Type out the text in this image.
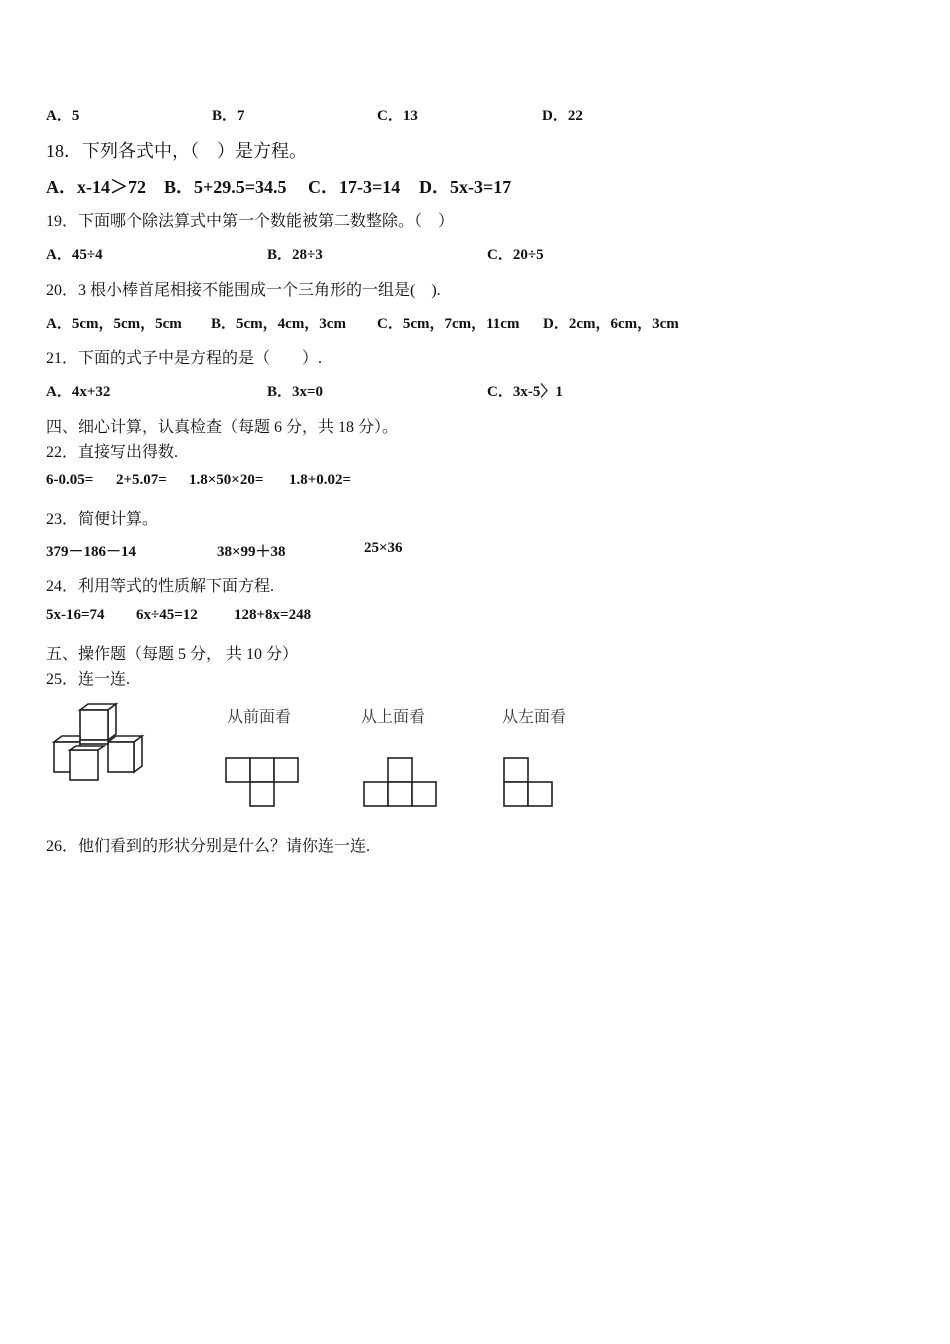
A．5	B．7	C．13	D．22
18．下列各式中，（　）是方程。
A．x-14＞72 B．5+29.5=34.5 C．17-3=14 D．5x-3=17
19．下面哪个除法算式中第一个数能被第二数整除。（　）
A．45÷4	B．28÷3	C．20÷5
20．3 根小棒首尾相接不能围成一个三角形的一组是(　).
A．5cm，5cm，5cm B．5cm，4cm，3cm C．5cm，7cm，11cm D．2cm，6cm，3cm
21．下面的式子中是方程的是（　　）.
A．4x+32	B．3x=0	C．3x-5〉1
四、细心计算，认真检查（每题 6 分，共 18 分）。
22．直接写出得数.
6-0.05= 2+5.07= 1.8×50×20= 1.8+0.02=
23．简便计算。
379－186－14	38×99＋38	25×36
24．利用等式的性质解下面方程.
5x-16=74 6x÷45=12 128+8x=248
五、操作题（每题 5 分， 共 10 分）
25．连一连.
从前面看	从上面看	从左面看
26．他们看到的形状分别是什么？请你连一连.
